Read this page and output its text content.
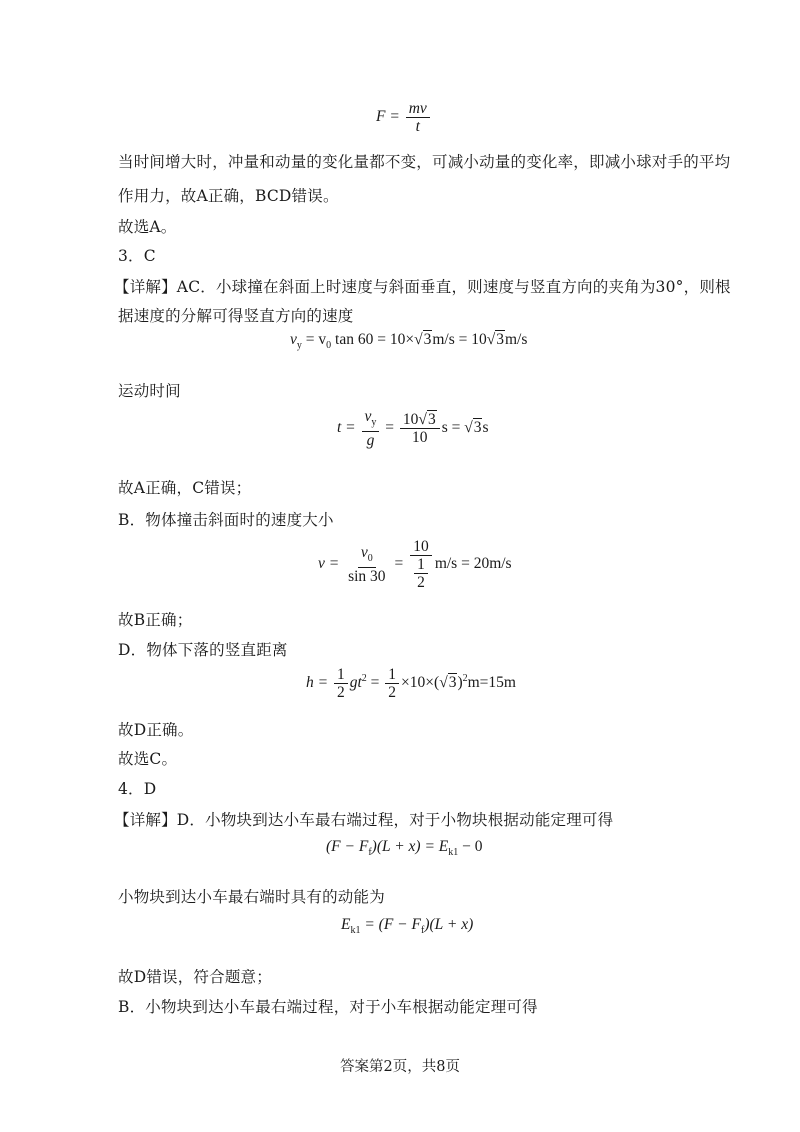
$F = \frac{mv}{t}$
当时间增大时，冲量和动量的变化量都不变，可减小动量的变化率，即减小球对手的平均
作用力，故A正确，BCD错误。
故选A。
3．C
【详解】AC．小球撞在斜面上时速度与斜面垂直，则速度与竖直方向的夹角为30°，则根
据速度的分解可得竖直方向的速度
$v_y = v_0$ tan 60 = 10×√3m/s = 10√3m/s
运动时间
$t = \frac{v_y}{g} = \frac{10√3}{10}$ s = √3s
故A正确，C错误；
B．物体撞击斜面时的速度大小
$v = \frac{v_0}{\sin 30} = \frac{10}{\frac{1}{2}} m/s = 20m/s$
故B正确；
D．物体下落的竖直距离
$h = \frac{1}{2} gt^2 = \frac{1}{2} \times 10\times(√3)^2m=15m$
故D正确。
故选C。
4．D
【详解】D．小物块到达小车最右端过程，对于小物块根据动能定理可得
$(F - F_f)(L + x) = E_{k1} - 0$
小物块到达小车最右端时具有的动能为
$E_{k1} = (F - F_f)(L + x)$
故D错误，符合题意；
B．小物块到达小车最右端过程，对于小车根据动能定理可得
答案第2页，共8页
